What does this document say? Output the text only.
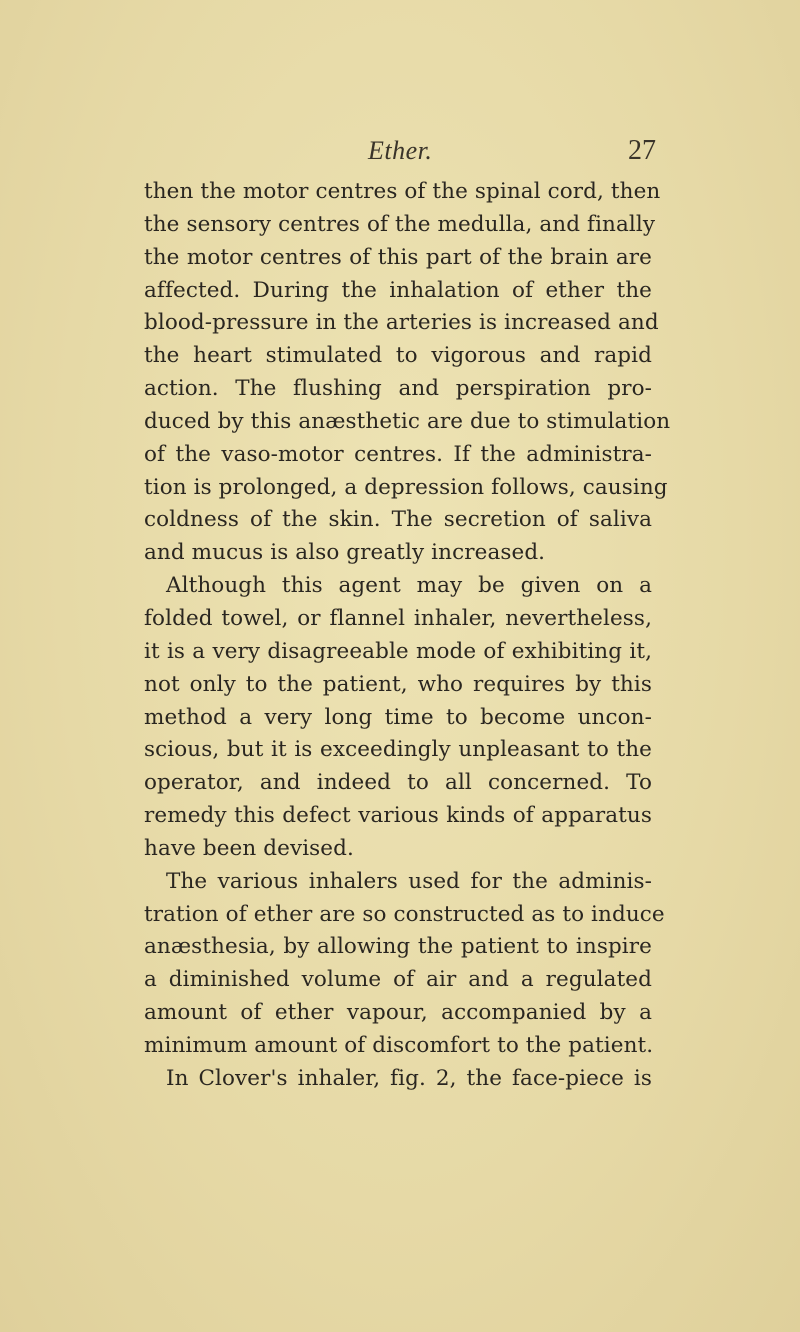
Ether.	27
then the motor centres of the spinal cord, then
the sensory centres of the medulla, and finally
the motor centres of this part of the brain are
affected. During the inhalation of ether the
blood-pressure in the arteries is increased and
the heart stimulated to vigorous and rapid
action. The flushing and perspiration pro-
duced by this anæsthetic are due to stimulation
of the vaso-motor centres. If the administra-
tion is prolonged, a depression follows, causing
coldness of the skin. The secretion of saliva
and mucus is also greatly increased.
Although this agent may be given on a
folded towel, or flannel inhaler, nevertheless,
it is a very disagreeable mode of exhibiting it,
not only to the patient, who requires by this
method a very long time to become uncon-
scious, but it is exceedingly unpleasant to the
operator, and indeed to all concerned. To
remedy this defect various kinds of apparatus
have been devised.
The various inhalers used for the adminis-
tration of ether are so constructed as to induce
anæsthesia, by allowing the patient to inspire
a diminished volume of air and a regulated
amount of ether vapour, accompanied by a
minimum amount of discomfort to the patient.
In Clover's inhaler, fig. 2, the face-piece is
